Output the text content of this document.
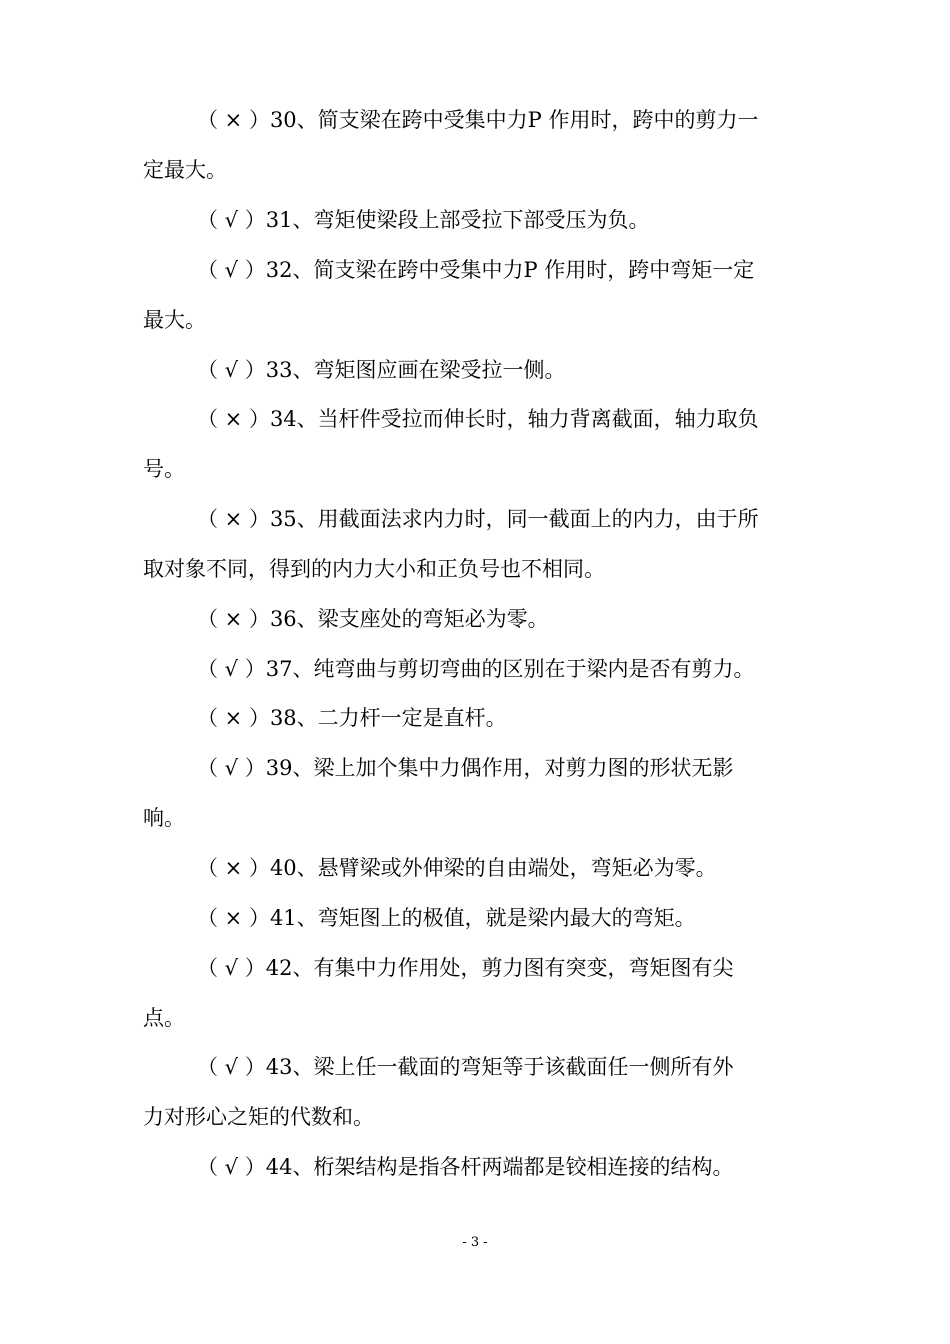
（ × ）30、简支梁在跨中受集中力P 作用时，跨中的剪力一
定最大。
（ √ ）31、弯矩使梁段上部受拉下部受压为负。
（ √ ）32、简支梁在跨中受集中力P 作用时，跨中弯矩一定
最大。
（ √ ）33、弯矩图应画在梁受拉一侧。
（ × ）34、当杆件受拉而伸长时，轴力背离截面，轴力取负
号。
（ × ）35、用截面法求内力时，同一截面上的内力，由于所
取对象不同，得到的内力大小和正负号也不相同。
（ × ）36、梁支座处的弯矩必为零。
（ √ ）37、纯弯曲与剪切弯曲的区别在于梁内是否有剪力。
（ × ）38、二力杆一定是直杆。
（ √ ）39、梁上加个集中力偶作用，对剪力图的形状无影
响。
（ × ）40、悬臂梁或外伸梁的自由端处，弯矩必为零。
（ × ）41、弯矩图上的极值，就是梁内最大的弯矩。
（ √ ）42、有集中力作用处，剪力图有突变，弯矩图有尖
点。
（ √ ）43、梁上任一截面的弯矩等于该截面任一侧所有外
力对形心之矩的代数和。
（ √ ）44、桁架结构是指各杆两端都是铰相连接的结构。
- 3 -
